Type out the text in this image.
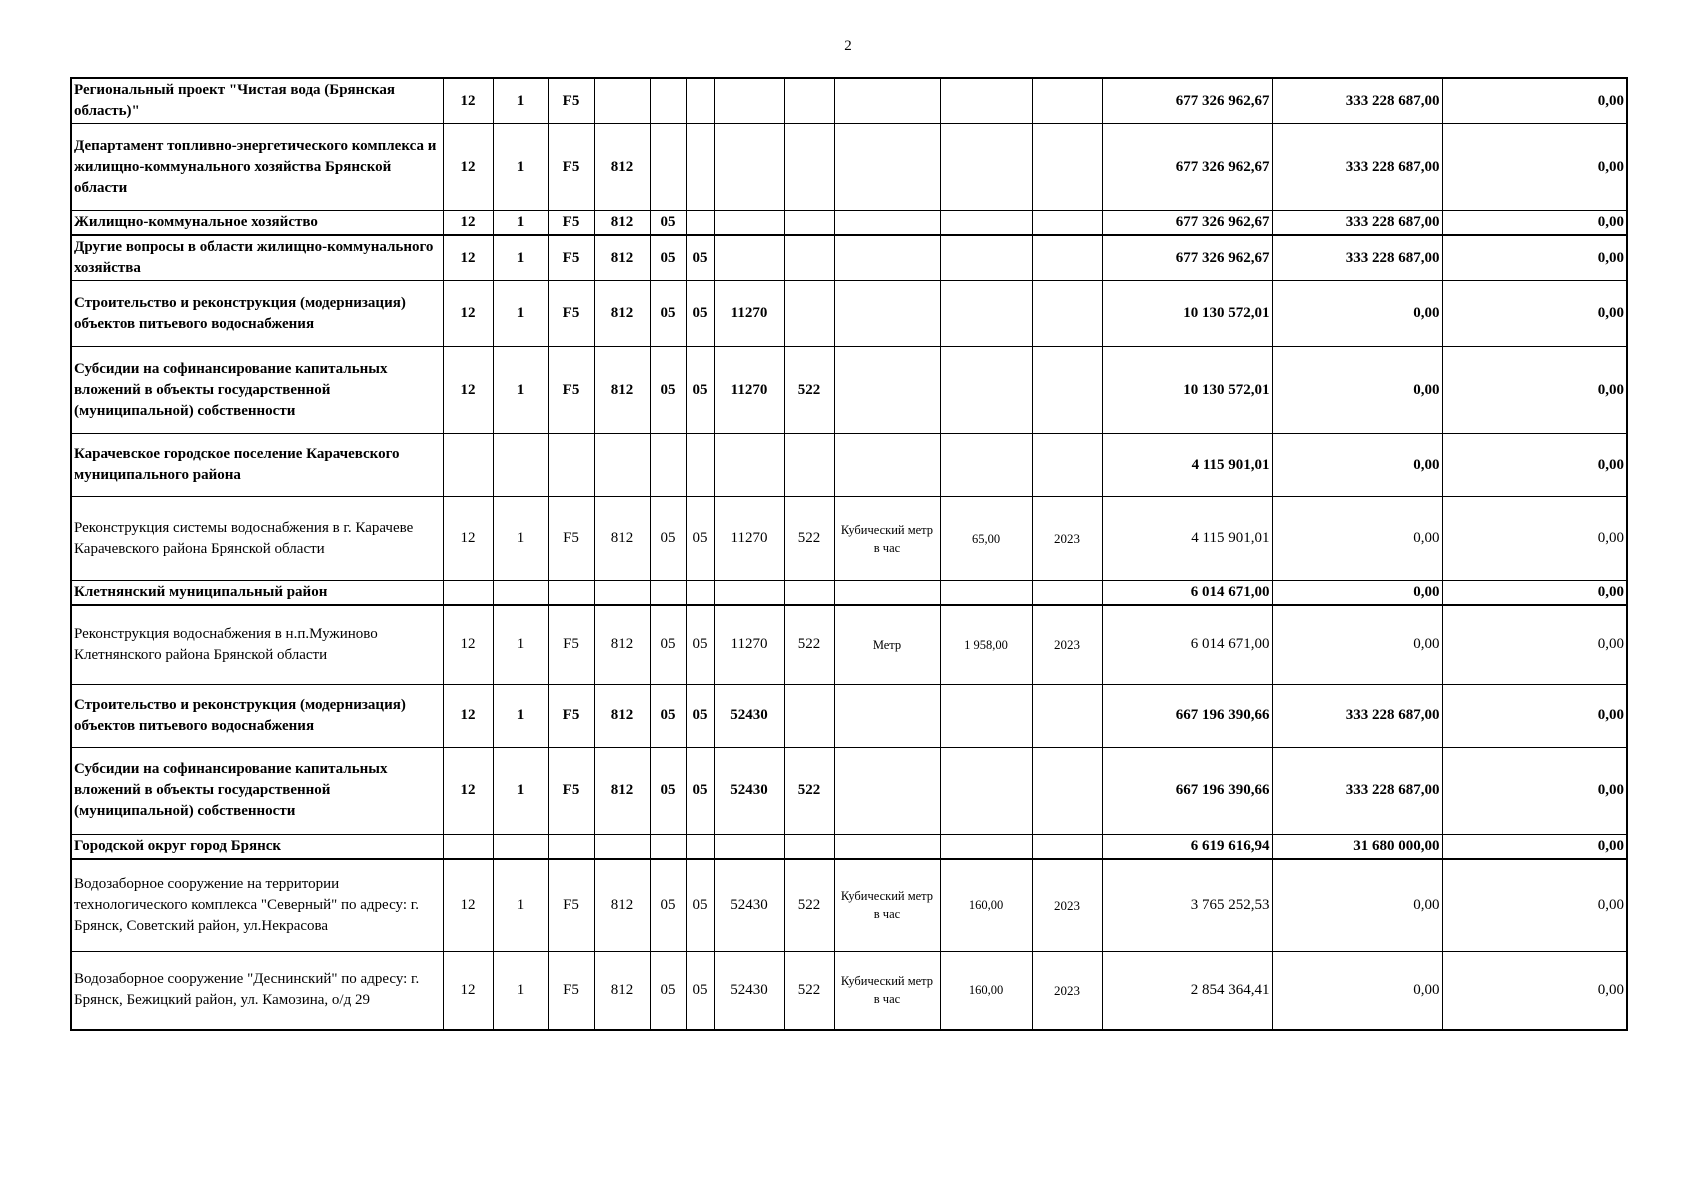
2
Региональный проект "Чистая вода (Брянская область)"	12	1	F5									677 326 962,67	333 228 687,00	0,00
Департамент топливно-энергетического комплекса и жилищно-коммунального хозяйства Брянской области	12	1	F5	812								677 326 962,67	333 228 687,00	0,00
Жилищно-коммунальное хозяйство	12	1	F5	812	05							677 326 962,67	333 228 687,00	0,00
Другие вопросы в области жилищно-коммунального хозяйства	12	1	F5	812	05	05						677 326 962,67	333 228 687,00	0,00
Строительство и реконструкция (модернизация) объектов питьевого водоснабжения	12	1	F5	812	05	05	11270					10 130 572,01	0,00	0,00
Субсидии на софинансирование капитальных вложений в объекты государственной (муниципальной) собственности	12	1	F5	812	05	05	11270	522				10 130 572,01	0,00	0,00
Карачевское городское поселение Карачевского муниципального района												4 115 901,01	0,00	0,00
Реконструкция системы водоснабжения в г. Карачеве Карачевского района Брянской области	12	1	F5	812	05	05	11270	522	Кубический метр в час	65,00	2023	4 115 901,01	0,00	0,00
Клетнянский муниципальный район												6 014 671,00	0,00	0,00
Реконструкция водоснабжения в н.п.Мужиново Клетнянского района Брянской области	12	1	F5	812	05	05	11270	522	Метр	1 958,00	2023	6 014 671,00	0,00	0,00
Строительство и реконструкция (модернизация) объектов питьевого водоснабжения	12	1	F5	812	05	05	52430					667 196 390,66	333 228 687,00	0,00
Субсидии на софинансирование капитальных вложений в объекты государственной (муниципальной) собственности	12	1	F5	812	05	05	52430	522				667 196 390,66	333 228 687,00	0,00
Городской округ город Брянск												6 619 616,94	31 680 000,00	0,00
Водозаборное сооружение на территории технологического комплекса "Северный" по адресу: г. Брянск, Советский район, ул.Некрасова	12	1	F5	812	05	05	52430	522	Кубический метр в час	160,00	2023	3 765 252,53	0,00	0,00
Водозаборное сооружение "Деснинский" по адресу: г. Брянск, Бежицкий район, ул. Камозина, о/д 29	12	1	F5	812	05	05	52430	522	Кубический метр в час	160,00	2023	2 854 364,41	0,00	0,00
